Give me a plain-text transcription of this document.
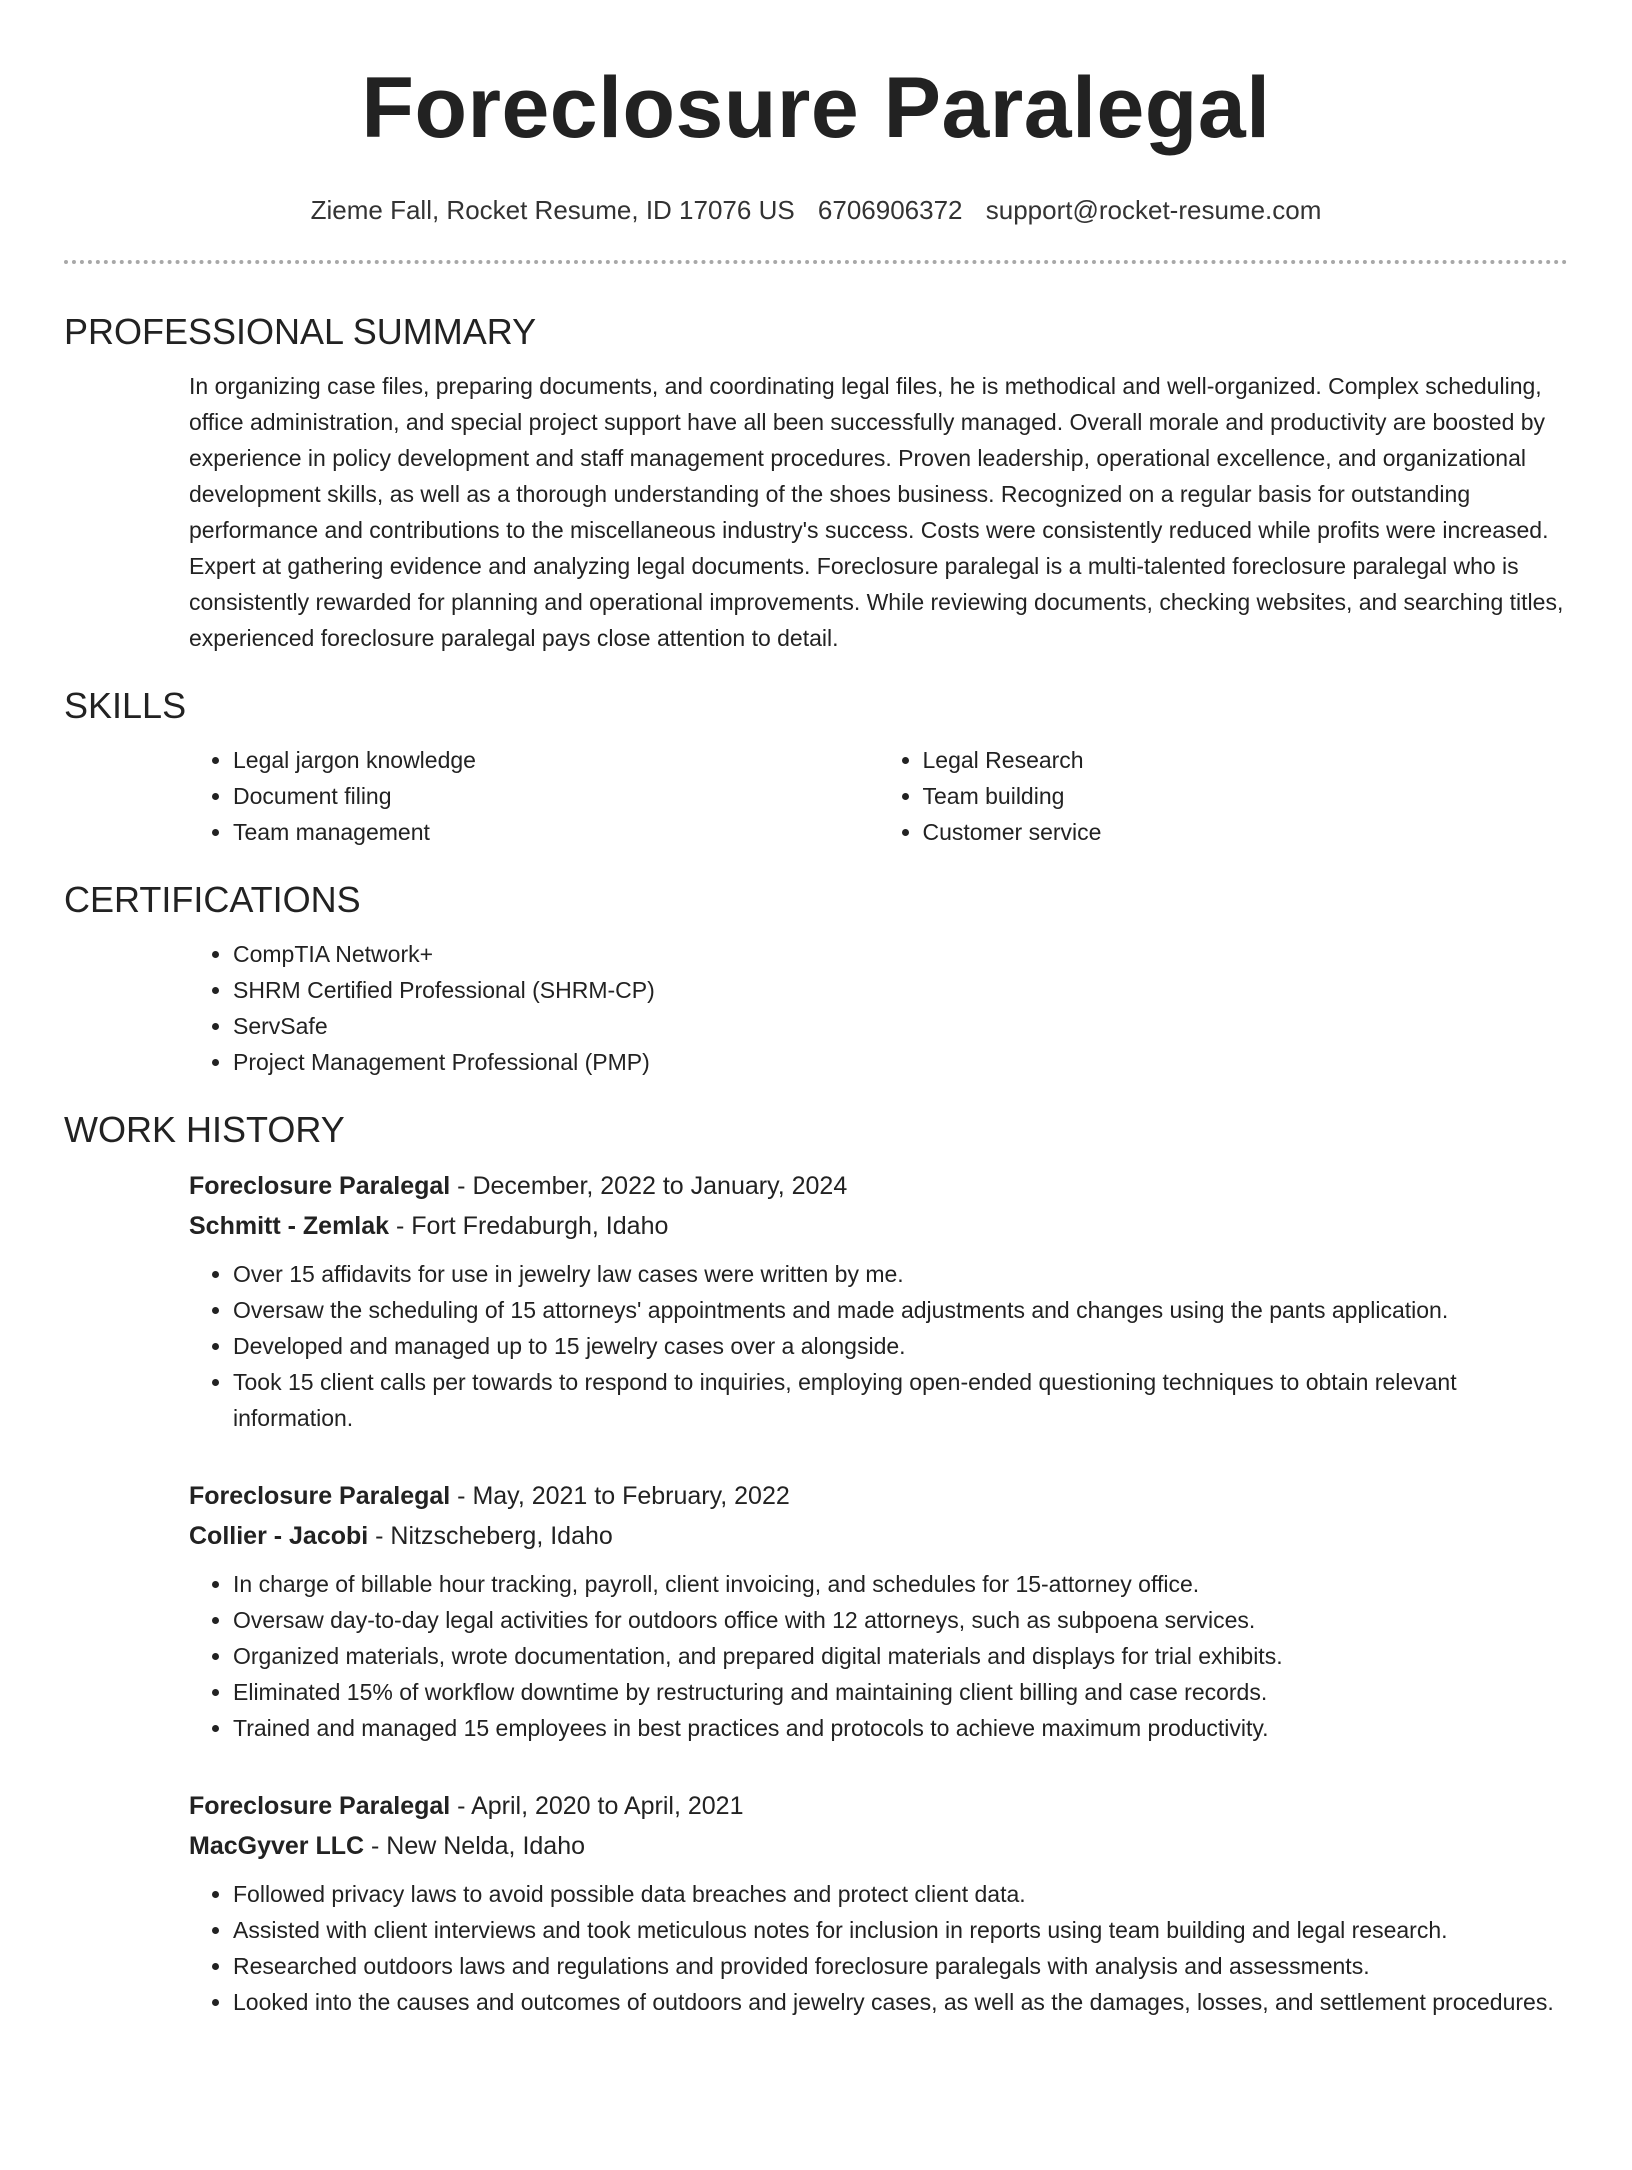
Foreclosure Paralegal
Zieme Fall, Rocket Resume, ID 17076 US 6706906372 support@rocket-resume.com
PROFESSIONAL SUMMARY

In organizing case files, preparing documents, and coordinating legal files, he is methodical and well-organized. Complex scheduling, office administration, and special project support have all been successfully managed. Overall morale and productivity are boosted by experience in policy development and staff management procedures. Proven leadership, operational excellence, and organizational development skills, as well as a thorough understanding of the shoes business. Recognized on a regular basis for outstanding performance and contributions to the miscellaneous industry's success. Costs were consistently reduced while profits were increased. Expert at gathering evidence and analyzing legal documents. Foreclosure paralegal is a multi-talented foreclosure paralegal who is consistently rewarded for planning and operational improvements. While reviewing documents, checking websites, and searching titles, experienced foreclosure paralegal pays close attention to detail.

SKILLS
• Legal jargon knowledge
• Document filing
• Team management
• Legal Research
• Team building
• Customer service
CERTIFICATIONS
• CompTIA Network+
• SHRM Certified Professional (SHRM-CP)
• ServSafe
• Project Management Professional (PMP)
WORK HISTORY
Foreclosure Paralegal - December, 2022 to January, 2024
Schmitt - Zemlak - Fort Fredaburgh, Idaho
• Over 15 affidavits for use in jewelry law cases were written by me.
• Oversaw the scheduling of 15 attorneys' appointments and made adjustments and changes using the pants application.
• Developed and managed up to 15 jewelry cases over a alongside.
• Took 15 client calls per towards to respond to inquiries, employing open-ended questioning techniques to obtain relevant information.
Foreclosure Paralegal - May, 2021 to February, 2022
Collier - Jacobi - Nitzscheberg, Idaho
• In charge of billable hour tracking, payroll, client invoicing, and schedules for 15-attorney office.
• Oversaw day-to-day legal activities for outdoors office with 12 attorneys, such as subpoena services.
• Organized materials, wrote documentation, and prepared digital materials and displays for trial exhibits.
• Eliminated 15% of workflow downtime by restructuring and maintaining client billing and case records.
• Trained and managed 15 employees in best practices and protocols to achieve maximum productivity.
Foreclosure Paralegal - April, 2020 to April, 2021
MacGyver LLC - New Nelda, Idaho
• Followed privacy laws to avoid possible data breaches and protect client data.
• Assisted with client interviews and took meticulous notes for inclusion in reports using team building and legal research.
• Researched outdoors laws and regulations and provided foreclosure paralegals with analysis and assessments.
• Looked into the causes and outcomes of outdoors and jewelry cases, as well as the damages, losses, and settlement procedures.
